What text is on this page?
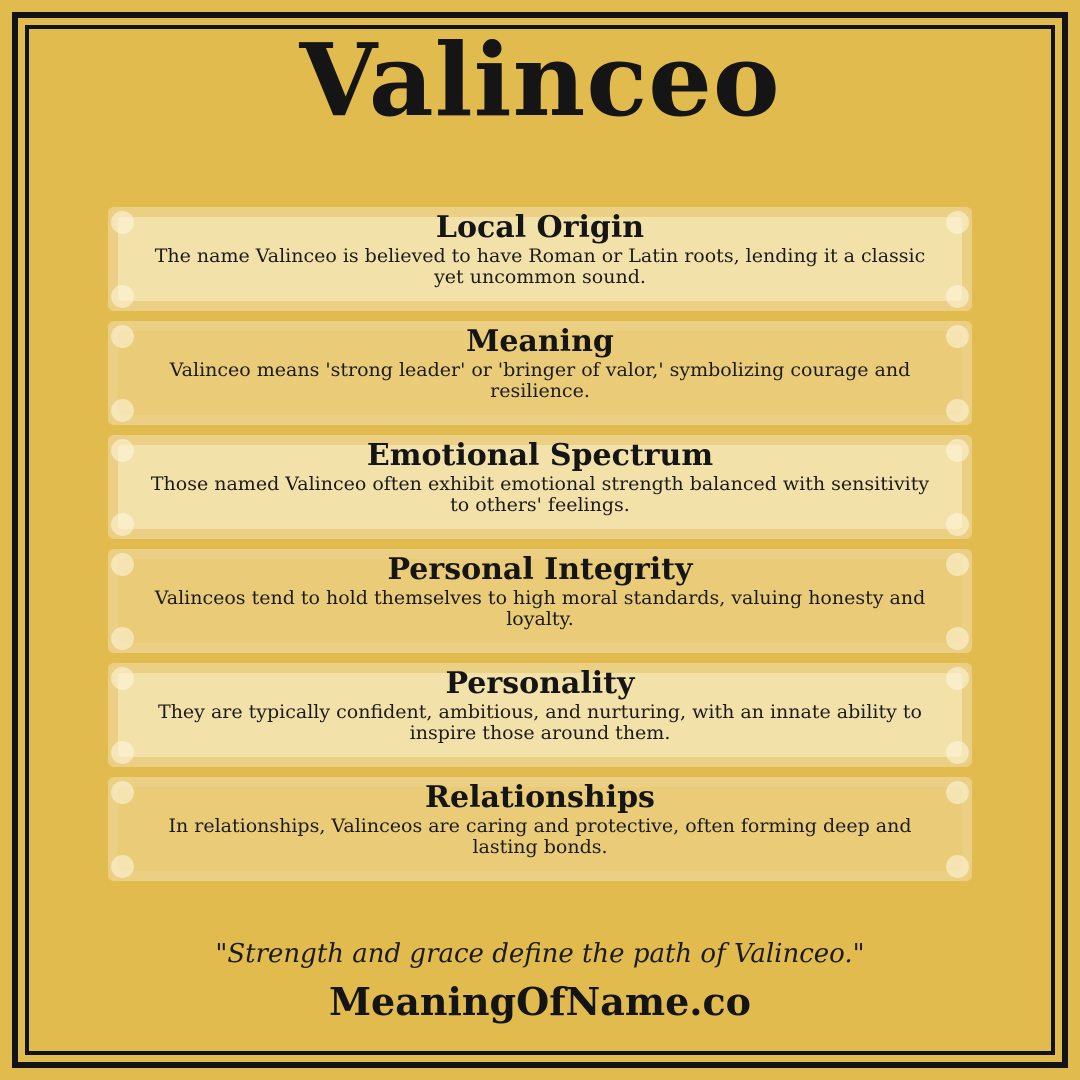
Valinceo
Local Origin

The name Valinceo is believed to have Roman or Latin roots, lending it a classic yet uncommon sound.

Meaning

Valinceo means 'strong leader' or 'bringer of valor,' symbolizing courage and resilience.

Emotional Spectrum

Those named Valinceo often exhibit emotional strength balanced with sensitivity to others' feelings.

Personal Integrity

Valinceos tend to hold themselves to high moral standards, valuing honesty and loyalty.

Personality

They are typically confident, ambitious, and nurturing, with an innate ability to inspire those around them.

Relationships

In relationships, Valinceos are caring and protective, often forming deep and lasting bonds.

"Strength and grace define the path of Valinceo."

MeaningOfName.co
